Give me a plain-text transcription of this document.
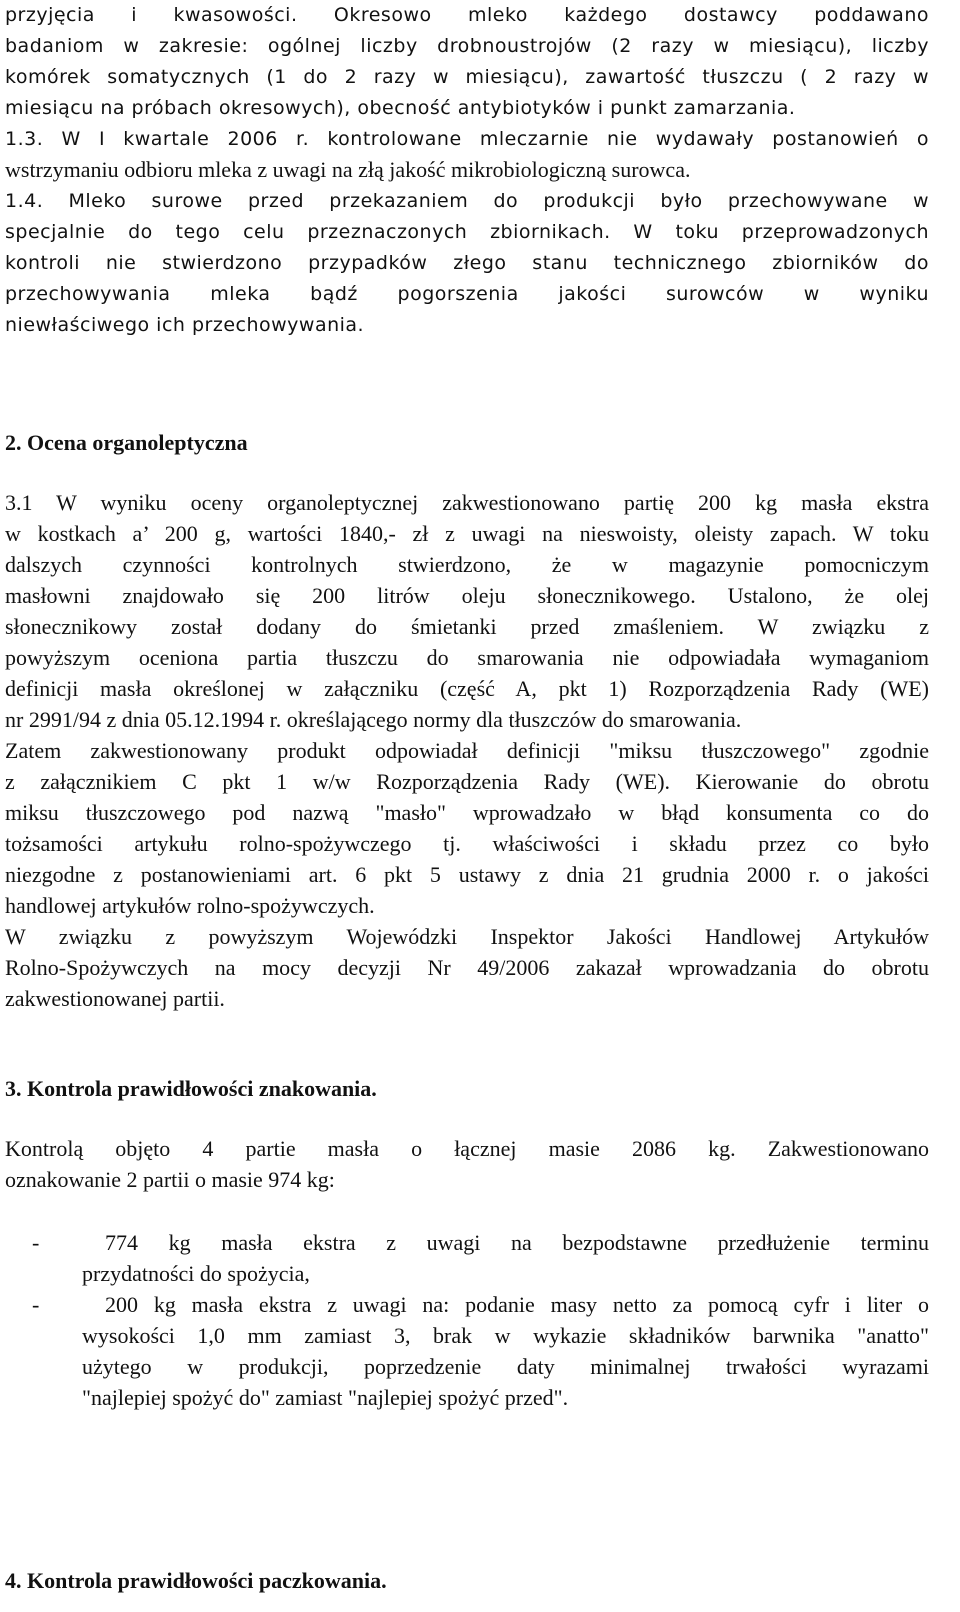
przyjęcia i kwasowości. Okresowo mleko każdego dostawcy poddawano
badaniom w zakresie: ogólnej liczby drobnoustrojów (2 razy w miesiącu), liczby
komórek somatycznych (1 do 2 razy w miesiącu), zawartość tłuszczu ( 2 razy w
miesiącu na próbach okresowych), obecność antybiotyków i punkt zamarzania.
1.3. W I kwartale 2006 r. kontrolowane mleczarnie nie wydawały postanowień o
wstrzymaniu odbioru mleka z uwagi na złą jakość mikrobiologiczną surowca.
1.4. Mleko surowe przed przekazaniem do produkcji było przechowywane w
specjalnie do tego celu przeznaczonych zbiornikach. W toku przeprowadzonych
kontroli nie stwierdzono przypadków złego stanu technicznego zbiorników do
przechowywania mleka bądź pogorszenia jakości surowców w wyniku
niewłaściwego ich przechowywania.
2. Ocena organoleptyczna
3.1 W wyniku oceny organoleptycznej zakwestionowano partię 200 kg masła ekstra
w kostkach a’ 200 g, wartości 1840,- zł z uwagi na nieswoisty, oleisty zapach. W toku
dalszych czynności kontrolnych stwierdzono, że w magazynie pomocniczym
masłowni znajdowało się 200 litrów oleju słonecznikowego. Ustalono, że olej
słonecznikowy został dodany do śmietanki przed zmaśleniem. W związku z
powyższym oceniona partia tłuszczu do smarowania nie odpowiadała wymaganiom
definicji masła określonej w załączniku (część A, pkt 1) Rozporządzenia Rady (WE)
nr 2991/94 z dnia 05.12.1994 r. określającego normy dla tłuszczów do smarowania.
Zatem zakwestionowany produkt odpowiadał definicji "miksu tłuszczowego" zgodnie
z załącznikiem C pkt 1 w/w Rozporządzenia Rady (WE). Kierowanie do obrotu
miksu tłuszczowego pod nazwą "masło" wprowadzało w błąd konsumenta co do
tożsamości artykułu rolno-spożywczego tj. właściwości i składu przez co było
niezgodne z postanowieniami art. 6 pkt 5 ustawy z dnia 21 grudnia 2000 r. o jakości
handlowej artykułów rolno-spożywczych.
W związku z powyższym Wojewódzki Inspektor Jakości Handlowej Artykułów
Rolno-Spożywczych na mocy decyzji Nr 49/2006 zakazał wprowadzania do obrotu
zakwestionowanej partii.
3. Kontrola prawidłowości znakowania.
Kontrolą objęto 4 partie masła o łącznej masie 2086 kg. Zakwestionowano
oznakowanie 2 partii o masie 974 kg:
-	774 kg masła ekstra z uwagi na bezpodstawne przedłużenie terminu
przydatności do spożycia,
-	200 kg masła ekstra z uwagi na: podanie masy netto za pomocą cyfr i liter o
wysokości 1,0 mm zamiast 3, brak w wykazie składników barwnika "anatto"
użytego w produkcji, poprzedzenie daty minimalnej trwałości wyrazami
"najlepiej spożyć do" zamiast "najlepiej spożyć przed".
4. Kontrola prawidłowości paczkowania.
